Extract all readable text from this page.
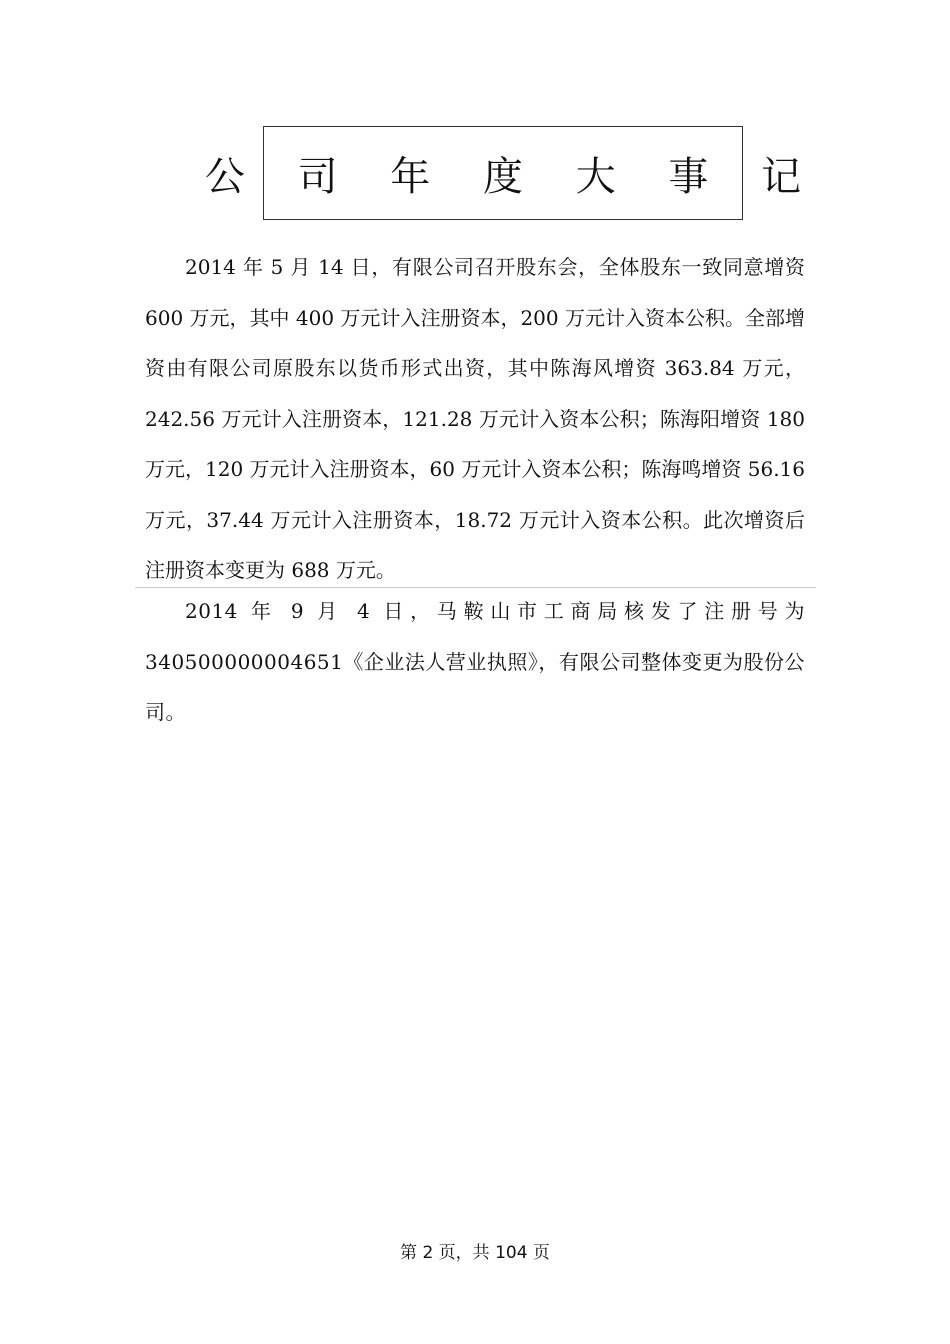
公 司 年 度 大 事 记

2014 年 5 月 14 日，有限公司召开股东会，全体股东一致同意增资 600 万元，其中 400 万元计入注册资本，200 万元计入资本公积。全部增资由有限公司原股东以货币形式出资，其中陈海风增资 363.84 万元，242.56 万元计入注册资本，121.28 万元计入资本公积；陈海阳增资 180 万元，120 万元计入注册资本，60 万元计入资本公积；陈海鸣增资 56.16 万元，37.44 万元计入注册资本，18.72 万元计入资本公积。此次增资后注册资本变更为 688 万元。

2014 年 9 月 4 日，马鞍山市工商局核发了注册号为 340500000004651《企业法人营业执照》，有限公司整体变更为股份公司。

第 2 页，共 104 页
